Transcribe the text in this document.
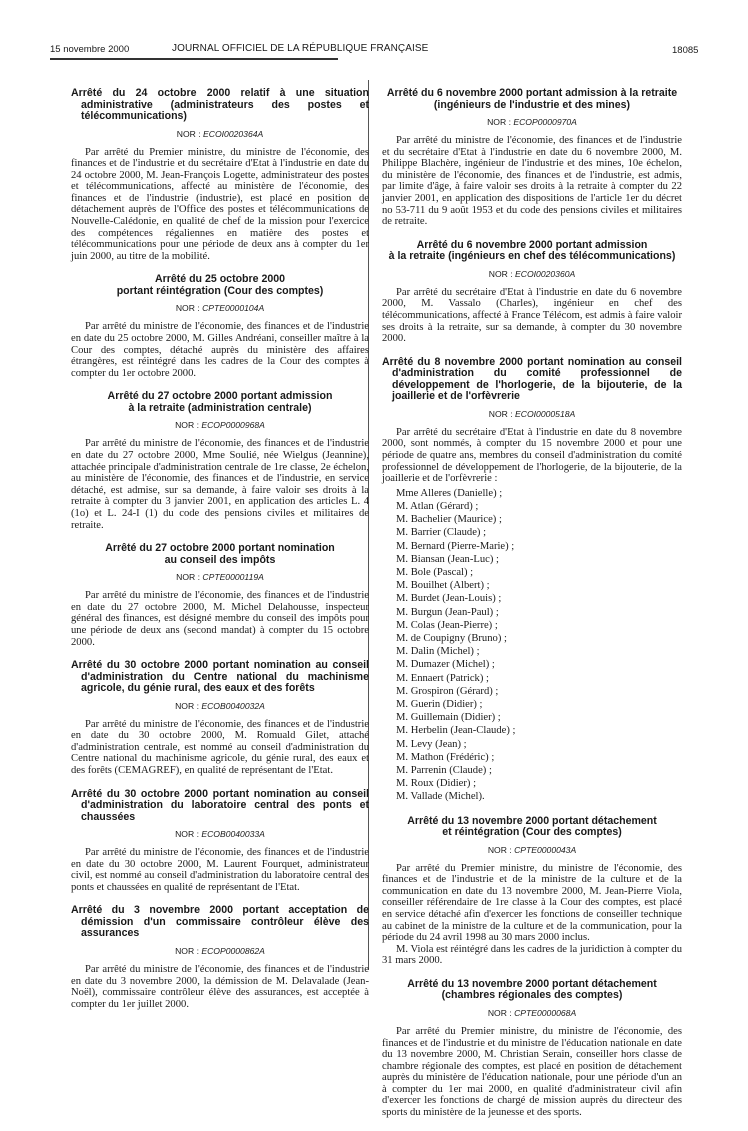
15 novembre 2000	JOURNAL OFFICIEL DE LA RÉPUBLIQUE FRANÇAISE	18085
Arrêté du 24 octobre 2000 relatif à une situation administrative (administrateurs des postes et télécommunications)
NOR : ECOI0020364A

Par arrêté du Premier ministre, du ministre de l'économie, des finances et de l'industrie et du secrétaire d'Etat à l'industrie en date du 24 octobre 2000, M. Jean-François Logette, administrateur des postes et télécommunications, affecté au ministère de l'économie, des finances et de l'industrie (industrie), est placé en position de détachement auprès de l'Office des postes et télécommunications de Nouvelle-Calédonie, en qualité de chef de la mission pour l'exercice des compétences régaliennes en matière des postes et télécommunications pour une période de deux ans à compter du 1er juin 2000, au titre de la mobilité.

Arrêté du 25 octobre 2000
portant réintégration (Cour des comptes)
NOR : CPTE0000104A

Par arrêté du ministre de l'économie, des finances et de l'industrie en date du 25 octobre 2000, M. Gilles Andréani, conseiller maître à la Cour des comptes, détaché auprès du ministère des affaires étrangères, est réintégré dans les cadres de la Cour des comptes à compter du 1er octobre 2000.

Arrêté du 27 octobre 2000 portant admission
à la retraite (administration centrale)
NOR : ECOP0000968A

Par arrêté du ministre de l'économie, des finances et de l'industrie en date du 27 octobre 2000, Mme Soulié, née Wielgus (Jeannine), attachée principale d'administration centrale de 1re classe, 2e échelon, au ministère de l'économie, des finances et de l'industrie, en service détaché, est admise, sur sa demande, à faire valoir ses droits à la retraite à compter du 3 janvier 2001, en application des articles L. 4 (1o) et L. 24-I (1) du code des pensions civiles et militaires de retraite.

Arrêté du 27 octobre 2000 portant nomination
au conseil des impôts
NOR : CPTE0000119A

Par arrêté du ministre de l'économie, des finances et de l'industrie en date du 27 octobre 2000, M. Michel Delahousse, inspecteur général des finances, est désigné membre du conseil des impôts pour une période de deux ans (second mandat) à compter du 15 octobre 2000.

Arrêté du 30 octobre 2000 portant nomination au conseil d'administration du Centre national du machinisme agricole, du génie rural, des eaux et des forêts
NOR : ECOB0040032A

Par arrêté du ministre de l'économie, des finances et de l'industrie en date du 30 octobre 2000, M. Romuald Gilet, attaché d'administration centrale, est nommé au conseil d'administration du Centre national du machinisme agricole, du génie rural, des eaux et des forêts (CEMAGREF), en qualité de représentant de l'Etat.

Arrêté du 30 octobre 2000 portant nomination au conseil d'administration du laboratoire central des ponts et chaussées
NOR : ECOB0040033A

Par arrêté du ministre de l'économie, des finances et de l'industrie en date du 30 octobre 2000, M. Laurent Fourquet, administrateur civil, est nommé au conseil d'administration du laboratoire central des ponts et chaussées en qualité de représentant de l'Etat.

Arrêté du 3 novembre 2000 portant acceptation de démission d'un commissaire contrôleur élève des assurances
NOR : ECOP0000862A

Par arrêté du ministre de l'économie, des finances et de l'industrie en date du 3 novembre 2000, la démission de M. Delavalade (Jean-Noël), commissaire contrôleur élève des assurances, est acceptée à compter du 1er juillet 2000.

Arrêté du 6 novembre 2000 portant admission à la retraite
(ingénieurs de l'industrie et des mines)
NOR : ECOP0000970A

Par arrêté du ministre de l'économie, des finances et de l'industrie et du secrétaire d'Etat à l'industrie en date du 6 novembre 2000, M. Philippe Blachère, ingénieur de l'industrie et des mines, 10e échelon, du ministère de l'économie, des finances et de l'industrie, est admis, par limite d'âge, à faire valoir ses droits à la retraite à compter du 22 janvier 2001, en application des dispositions de l'article 1er du décret no 53-711 du 9 août 1953 et du code des pensions civiles et militaires de retraite.

Arrêté du 6 novembre 2000 portant admission
à la retraite (ingénieurs en chef des télécommunications)
NOR : ECOI0020360A

Par arrêté du secrétaire d'Etat à l'industrie en date du 6 novembre 2000, M. Vassalo (Charles), ingénieur en chef des télécommunications, affecté à France Télécom, est admis à faire valoir ses droits à la retraite, sur sa demande, à compter du 30 novembre 2000.

Arrêté du 8 novembre 2000 portant nomination au conseil d'administration du comité professionnel de développement de l'horlogerie, de la bijouterie, de la joaillerie et de l'orfèvrerie
NOR : ECOI0000518A

Par arrêté du secrétaire d'Etat à l'industrie en date du 8 novembre 2000, sont nommés, à compter du 15 novembre 2000 et pour une période de quatre ans, membres du conseil d'administration du comité professionnel de développement de l'horlogerie, de la bijouterie, de la joaillerie et de l'orfèvrerie :

Mme Alleres (Danielle) ;
M. Atlan (Gérard) ;
M. Bachelier (Maurice) ;
M. Barrier (Claude) ;
M. Bernard (Pierre-Marie) ;
M. Biansan (Jean-Luc) ;
M. Bole (Pascal) ;
M. Bouilhet (Albert) ;
M. Burdet (Jean-Louis) ;
M. Burgun (Jean-Paul) ;
M. Colas (Jean-Pierre) ;
M. de Coupigny (Bruno) ;
M. Dalin (Michel) ;
M. Dumazer (Michel) ;
M. Ennaert (Patrick) ;
M. Grospiron (Gérard) ;
M. Guerin (Didier) ;
M. Guillemain (Didier) ;
M. Herbelin (Jean-Claude) ;
M. Levy (Jean) ;
M. Mathon (Frédéric) ;
M. Parrenin (Claude) ;
M. Roux (Didier) ;
M. Vallade (Michel).
Arrêté du 13 novembre 2000 portant détachement
et réintégration (Cour des comptes)
NOR : CPTE0000043A

Par arrêté du Premier ministre, du ministre de l'économie, des finances et de l'industrie et de la ministre de la culture et de la communication en date du 13 novembre 2000, M. Jean-Pierre Viola, conseiller référendaire de 1re classe à la Cour des comptes, est placé en service détaché afin d'exercer les fonctions de conseiller technique au cabinet de la ministre de la culture et de la communication, pour la période du 24 avril 1998 au 30 mars 2000 inclus.

M. Viola est réintégré dans les cadres de la juridiction à compter du 31 mars 2000.

Arrêté du 13 novembre 2000 portant détachement
(chambres régionales des comptes)
NOR : CPTE0000068A

Par arrêté du Premier ministre, du ministre de l'économie, des finances et de l'industrie et du ministre de l'éducation nationale en date du 13 novembre 2000, M. Christian Serain, conseiller hors classe de chambre régionale des comptes, est placé en position de détachement auprès du ministère de l'éducation nationale, pour une période d'un an à compter du 1er mai 2000, en qualité d'administrateur civil afin d'exercer les fonctions de chargé de mission auprès du directeur des sports du ministère de la jeunesse et des sports.
